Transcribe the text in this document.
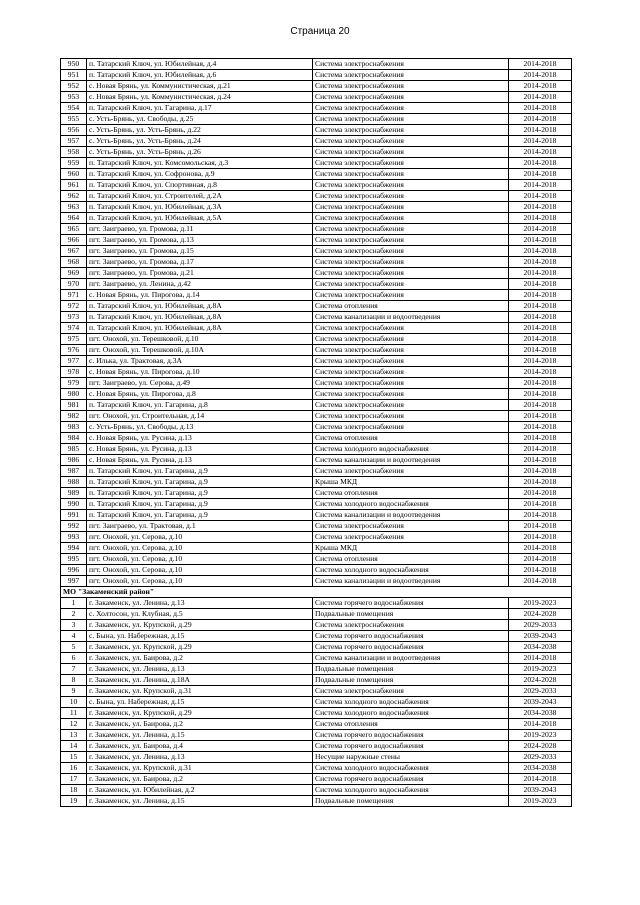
Страница 20
950	п. Татарский Ключ, ул. Юбилейная, д.4	Система электроснабжения	2014-2018
951	п. Татарский Ключ, ул. Юбилейная, д.6	Система электроснабжения	2014-2018
952	с. Новая Брянь, ул. Коммунистическая, д.21	Система электроснабжения	2014-2018
953	с. Новая Брянь, ул. Коммунистическая, д.24	Система электроснабжения	2014-2018
954	п. Татарский Ключ, ул. Гагарина, д.17	Система электроснабжения	2014-2018
955	с. Усть-Брянь, ул. Свободы, д.25	Система электроснабжения	2014-2018
956	с. Усть-Брянь, ул. Усть-Брянь, д.22	Система электроснабжения	2014-2018
957	с. Усть-Брянь, ул. Усть-Брянь, д.24	Система электроснабжения	2014-2018
958	с. Усть-Брянь, ул. Усть-Брянь, д.26	Система электроснабжения	2014-2018
959	п. Татарский Ключ, ул. Комсомольская, д.3	Система электроснабжения	2014-2018
960	п. Татарский Ключ, ул. Софронова, д.9	Система электроснабжения	2014-2018
961	п. Татарский Ключ, ул. Спортивная, д.8	Система электроснабжения	2014-2018
962	п. Татарский Ключ, ул. Строителей, д.2А	Система электроснабжения	2014-2018
963	п. Татарский Ключ, ул. Юбилейная, д.3А	Система электроснабжения	2014-2018
964	п. Татарский Ключ, ул. Юбилейная, д.5А	Система электроснабжения	2014-2018
965	пгт. Заиграево, ул. Громова, д.11	Система электроснабжения	2014-2018
966	пгт. Заиграево, ул. Громова, д.13	Система электроснабжения	2014-2018
967	пгт. Заиграево, ул. Громова, д.15	Система электроснабжения	2014-2018
968	пгт. Заиграево, ул. Громова, д.17	Система электроснабжения	2014-2018
969	пгт. Заиграево, ул. Громова, д.21	Система электроснабжения	2014-2018
970	пгт. Заиграево, ул. Ленина, д.42	Система электроснабжения	2014-2018
971	с. Новая Брянь, ул. Пирогова, д.14	Система электроснабжения	2014-2018
972	п. Татарский Ключ, ул. Юбилейная, д.8А	Система отопления	2014-2018
973	п. Татарский Ключ, ул. Юбилейная, д.8А	Система канализации и водоотведения	2014-2018
974	п. Татарский Ключ, ул. Юбилейная, д.8А	Система электроснабжения	2014-2018
975	пгт. Онохой, ул. Терешковой, д.10	Система электроснабжения	2014-2018
976	пгт. Онохой, ул. Терешковой, д.10А	Система электроснабжения	2014-2018
977	с. Илька, ул. Трактовая, д.3А	Система электроснабжения	2014-2018
978	с. Новая Брянь, ул. Пирогова, д.10	Система электроснабжения	2014-2018
979	пгт. Заиграево, ул. Серова, д.49	Система электроснабжения	2014-2018
980	с. Новая Брянь, ул. Пирогова, д.8	Система электроснабжения	2014-2018
981	п. Татарский Ключ, ул. Гагарина, д.8	Система электроснабжения	2014-2018
982	пгт. Онохой, ул. Строительная, д.14	Система электроснабжения	2014-2018
983	с. Усть-Брянь, ул. Свободы, д.13	Система электроснабжения	2014-2018
984	с. Новая Брянь, ул. Русина, д.13	Система отопления	2014-2018
985	с. Новая Брянь, ул. Русина, д.13	Система холодного водоснабжения	2014-2018
986	с. Новая Брянь, ул. Русина, д.13	Система канализации и водоотведения	2014-2018
987	п. Татарский Ключ, ул. Гагарина, д.9	Система электроснабжения	2014-2018
988	п. Татарский Ключ, ул. Гагарина, д.9	Крыша МКД	2014-2018
989	п. Татарский Ключ, ул. Гагарина, д.9	Система отопления	2014-2018
990	п. Татарский Ключ, ул. Гагарина, д.9	Система холодного водоснабжения	2014-2018
991	п. Татарский Ключ, ул. Гагарина, д.9	Система канализации и водоотведения	2014-2018
992	пгт. Заиграево, ул. Трактовая, д.1	Система электроснабжения	2014-2018
993	пгт. Онохой, ул. Серова, д.10	Система электроснабжения	2014-2018
994	пгт. Онохой, ул. Серова, д.10	Крыша МКД	2014-2018
995	пгт. Онохой, ул. Серова, д.10	Система отопления	2014-2018
996	пгт. Онохой, ул. Серова, д.10	Система холодного водоснабжения	2014-2018
997	пгт. Онохой, ул. Серова, д.10	Система канализации и водоотведения	2014-2018
МО "Закаменский район"			
1	г. Закаменск, ул. Ленина, д.13	Система горячего водоснабжения	2019-2023
2	с. Холтосон, ул. Клубная, д.5	Подвальные помещения	2024-2028
3	г. Закаменск, ул. Крупской, д.29	Система электроснабжения	2029-2033
4	с. Бына, ул. Набережная, д.15	Система горячего водоснабжения	2039-2043
5	г. Закаменск, ул. Крупской, д.29	Система горячего водоснабжения	2034-2038
6	г. Закаменск, ул. Баирова, д.2	Система канализации и водоотведения	2014-2018
7	г. Закаменск, ул. Ленина, д.13	Подвальные помещения	2019-2023
8	г. Закаменск, ул. Ленина, д.18А	Подвальные помещения	2024-2028
9	г. Закаменск, ул. Крупской, д.31	Система электроснабжения	2029-2033
10	с. Бына, ул. Набережная, д.15	Система холодного водоснабжения	2039-2043
11	г. Закаменск, ул. Крупской, д.29	Система холодного водоснабжения	2034-2038
12	г. Закаменск, ул. Баирова, д.2	Система отопления	2014-2018
13	г. Закаменск, ул. Ленина, д.15	Система горячего водоснабжения	2019-2023
14	г. Закаменск, ул. Баирова, д.4	Система горячего водоснабжения	2024-2028
15	г. Закаменск, ул. Ленина, д.13	Несущие наружные стены	2029-2033
16	г. Закаменск, ул. Крупской, д.31	Система холодного водоснабжения	2034-2038
17	г. Закаменск, ул. Баирова, д.2	Система горячего водоснабжения	2014-2018
18	г. Закаменск, ул. Юбилейная, д.2	Система холодного водоснабжения	2039-2043
19	г. Закаменск, ул. Ленина, д.15	Подвальные помещения	2019-2023
